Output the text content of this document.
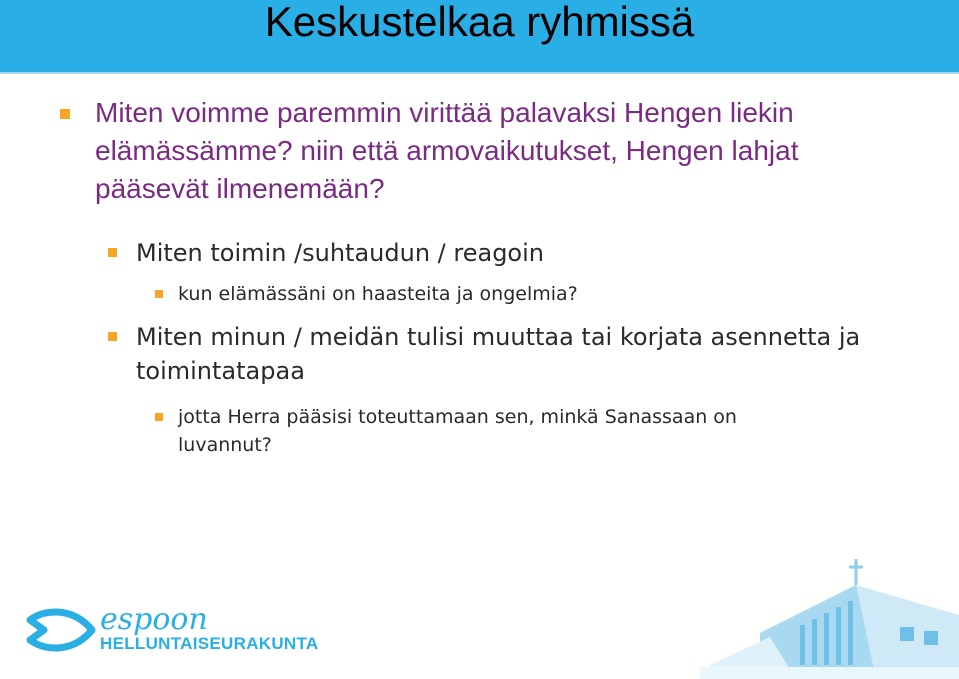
Keskustelkaa ryhmissä
Miten voimme paremmin virittää palavaksi Hengen liekin elämässämme? niin että armovaikutukset, Hengen lahjat pääsevät ilmenemään?
Miten toimin /suhtaudun / reagoin
kun elämässäni on haasteita ja ongelmia?
Miten minun / meidän tulisi muuttaa tai korjata asennetta ja toimintatapaa
jotta Herra pääsisi toteuttamaan sen, minkä Sanassaan on luvannut?
espoon
HELLUNTAISEURAKUNTA
